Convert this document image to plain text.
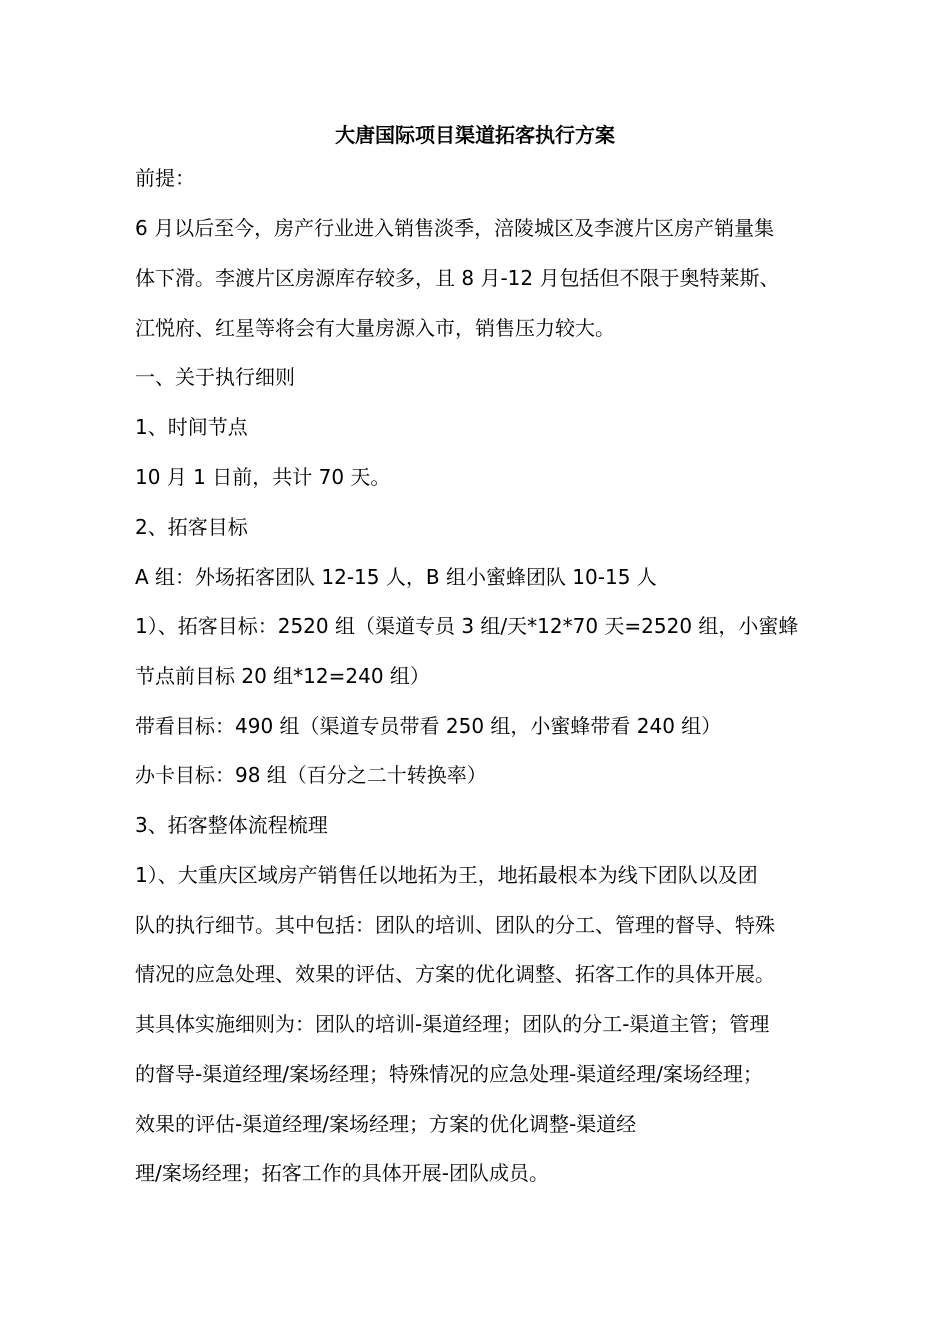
大唐国际项目渠道拓客执行方案

前提：

6 月以后至今，房产行业进入销售淡季，涪陵城区及李渡片区房产销量集

体下滑。李渡片区房源库存较多，且 8 月-12 月包括但不限于奥特莱斯、

江悦府、红星等将会有大量房源入市，销售压力较大。

一、关于执行细则

1、时间节点

10 月 1 日前，共计 70 天。

2、拓客目标

A 组：外场拓客团队 12-15 人，B 组小蜜蜂团队 10-15 人

1）、拓客目标：2520 组（渠道专员 3 组/天*12*70 天=2520 组，小蜜蜂

节点前目标 20 组*12=240 组）

带看目标：490 组（渠道专员带看 250 组，小蜜蜂带看 240 组）

办卡目标：98 组（百分之二十转换率）

3、拓客整体流程梳理

1）、大重庆区域房产销售任以地拓为王，地拓最根本为线下团队以及团

队的执行细节。其中包括：团队的培训、团队的分工、管理的督导、特殊

情况的应急处理、效果的评估、方案的优化调整、拓客工作的具体开展。

其具体实施细则为：团队的培训-渠道经理；团队的分工-渠道主管；管理

的督导-渠道经理/案场经理；特殊情况的应急处理-渠道经理/案场经理；

效果的评估-渠道经理/案场经理；方案的优化调整-渠道经

理/案场经理；拓客工作的具体开展-团队成员。
